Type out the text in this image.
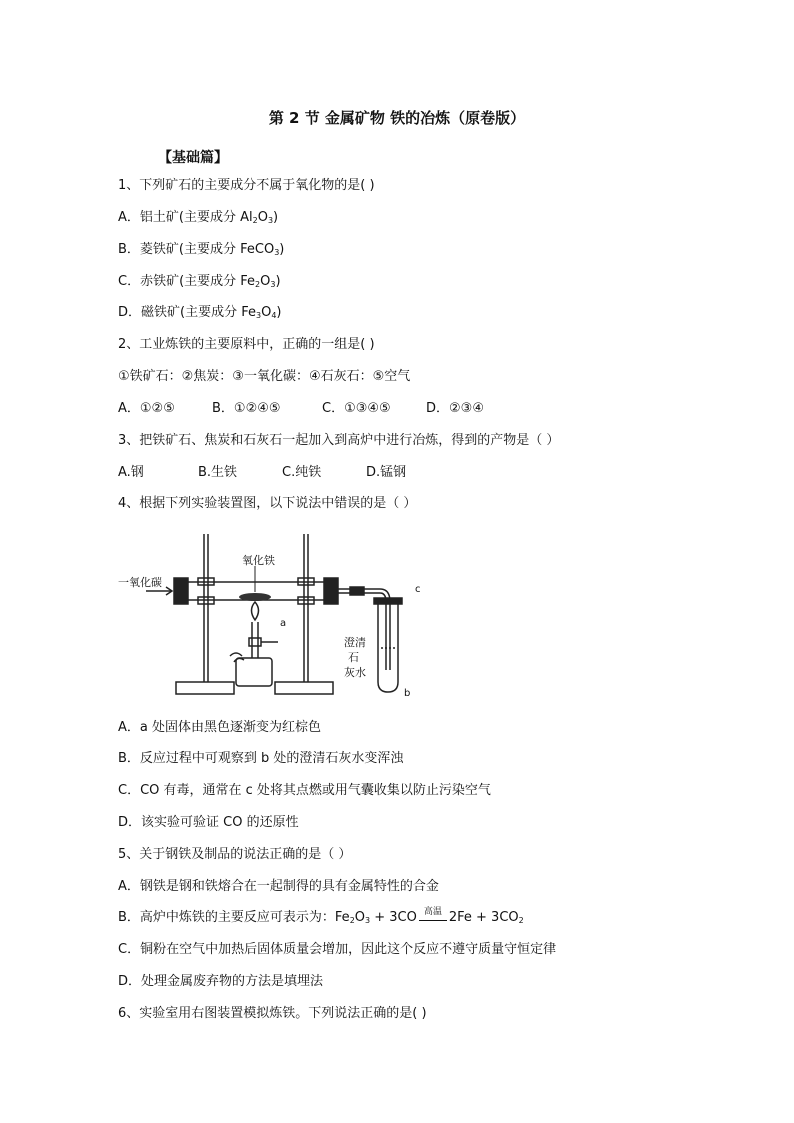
第 2 节 金属矿物 铁的冶炼（原卷版）
【基础篇】
1、下列矿石的主要成分不属于氧化物的是( )
A．铝土矿(主要成分 $Al_2O_3$)
B．菱铁矿(主要成分 FeCO$_3$)
C．赤铁矿(主要成分 $Fe_2O_3$)
D．磁铁矿(主要成分 $Fe_3O_4$)
2、工业炼铁的主要原料中，正确的一组是( )
①铁矿石：②焦炭：③一氧化碳：④石灰石：⑤空气
A．①②⑤	B．①②④⑤	C．①③④⑤	D．②③④
3、把铁矿石、焦炭和石灰石一起加入到高炉中进行冶炼，得到的产物是（ ）
A.钢	B.生铁	C.纯铁	D.锰钢
4、根据下列实验装置图，以下说法中错误的是（ ）
一氧化碳
氧化铁
a
c
b
澄清
石
灰水
A．a 处固体由黑色逐渐变为红棕色
B．反应过程中可观察到 b 处的澄清石灰水变浑浊
C．CO 有毒，通常在 c 处将其点燃或用气囊收集以防止污染空气
D．该实验可验证 CO 的还原性
5、关于钢铁及制品的说法正确的是（ ）
A．钢铁是钢和铁熔合在一起制得的具有金属特性的合金
B．高炉中炼铁的主要反应可表示为：$Fe_2O_3 + 3CO$ 高温 $2Fe + 3CO_2$
C．铜粉在空气中加热后固体质量会增加，因此这个反应不遵守质量守恒定律
D．处理金属废弃物的方法是填埋法
6、实验室用右图装置模拟炼铁。下列说法正确的是( )
